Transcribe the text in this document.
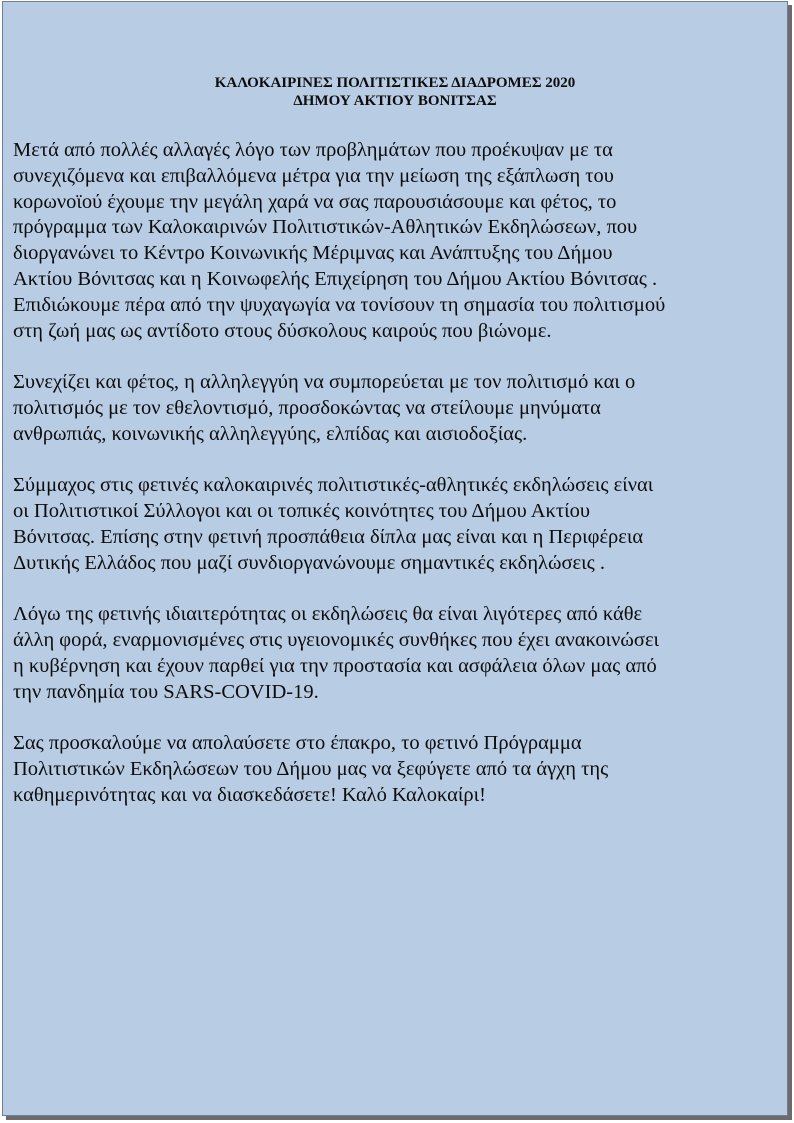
ΚΑΛΟΚΑΙΡΙΝΕΣ ΠΟΛΙΤΙΣΤΙΚΕΣ ΔΙΑΔΡΟΜΕΣ 2020
ΔΗΜΟΥ ΑΚΤΙΟΥ ΒΟΝΙΤΣΑΣ

Μετά από πολλές αλλαγές λόγο των προβλημάτων που προέκυψαν με τα
συνεχιζόμενα και επιβαλλόμενα μέτρα για την μείωση της εξάπλωση του
κορωνοϊού έχουμε την μεγάλη χαρά να σας παρουσιάσουμε και φέτος, το
πρόγραμμα των Καλοκαιρινών Πολιτιστικών-Αθλητικών Εκδηλώσεων, που
διοργανώνει το Κέντρο Κοινωνικής Μέριμνας και Ανάπτυξης του Δήμου
Ακτίου Βόνιτσας και η Κοινωφελής Επιχείρηση του Δήμου Ακτίου Βόνιτσας .
Επιδιώκουμε πέρα από την ψυχαγωγία να τονίσουν τη σημασία του πολιτισμού
στη ζωή μας ως αντίδοτο στους δύσκολους καιρούς που βιώνομε.

Συνεχίζει και φέτος, η αλληλεγγύη να συμπορεύεται με τον πολιτισμό και ο
πολιτισμός με τον εθελοντισμό, προσδοκώντας να στείλουμε μηνύματα
ανθρωπιάς, κοινωνικής αλληλεγγύης, ελπίδας και αισιοδοξίας.

Σύμμαχος στις φετινές καλοκαιρινές πολιτιστικές-αθλητικές εκδηλώσεις είναι
οι Πολιτιστικοί Σύλλογοι και οι τοπικές κοινότητες του Δήμου Ακτίου
Βόνιτσας. Επίσης στην φετινή προσπάθεια δίπλα μας είναι και η Περιφέρεια
Δυτικής Ελλάδος που μαζί συνδιοργανώνουμε σημαντικές εκδηλώσεις .

Λόγω της φετινής ιδιαιτερότητας οι εκδηλώσεις θα είναι λιγότερες από κάθε
άλλη φορά, εναρμονισμένες στις υγειονομικές συνθήκες που έχει ανακοινώσει
η κυβέρνηση και έχουν παρθεί για την προστασία και ασφάλεια όλων μας από
την πανδημία του SARS-COVID-19.

Σας προσκαλούμε να απολαύσετε στο έπακρο, το φετινό Πρόγραμμα
Πολιτιστικών Εκδηλώσεων του Δήμου μας να ξεφύγετε από τα άγχη της
καθημερινότητας και να διασκεδάσετε! Καλό Καλοκαίρι!
